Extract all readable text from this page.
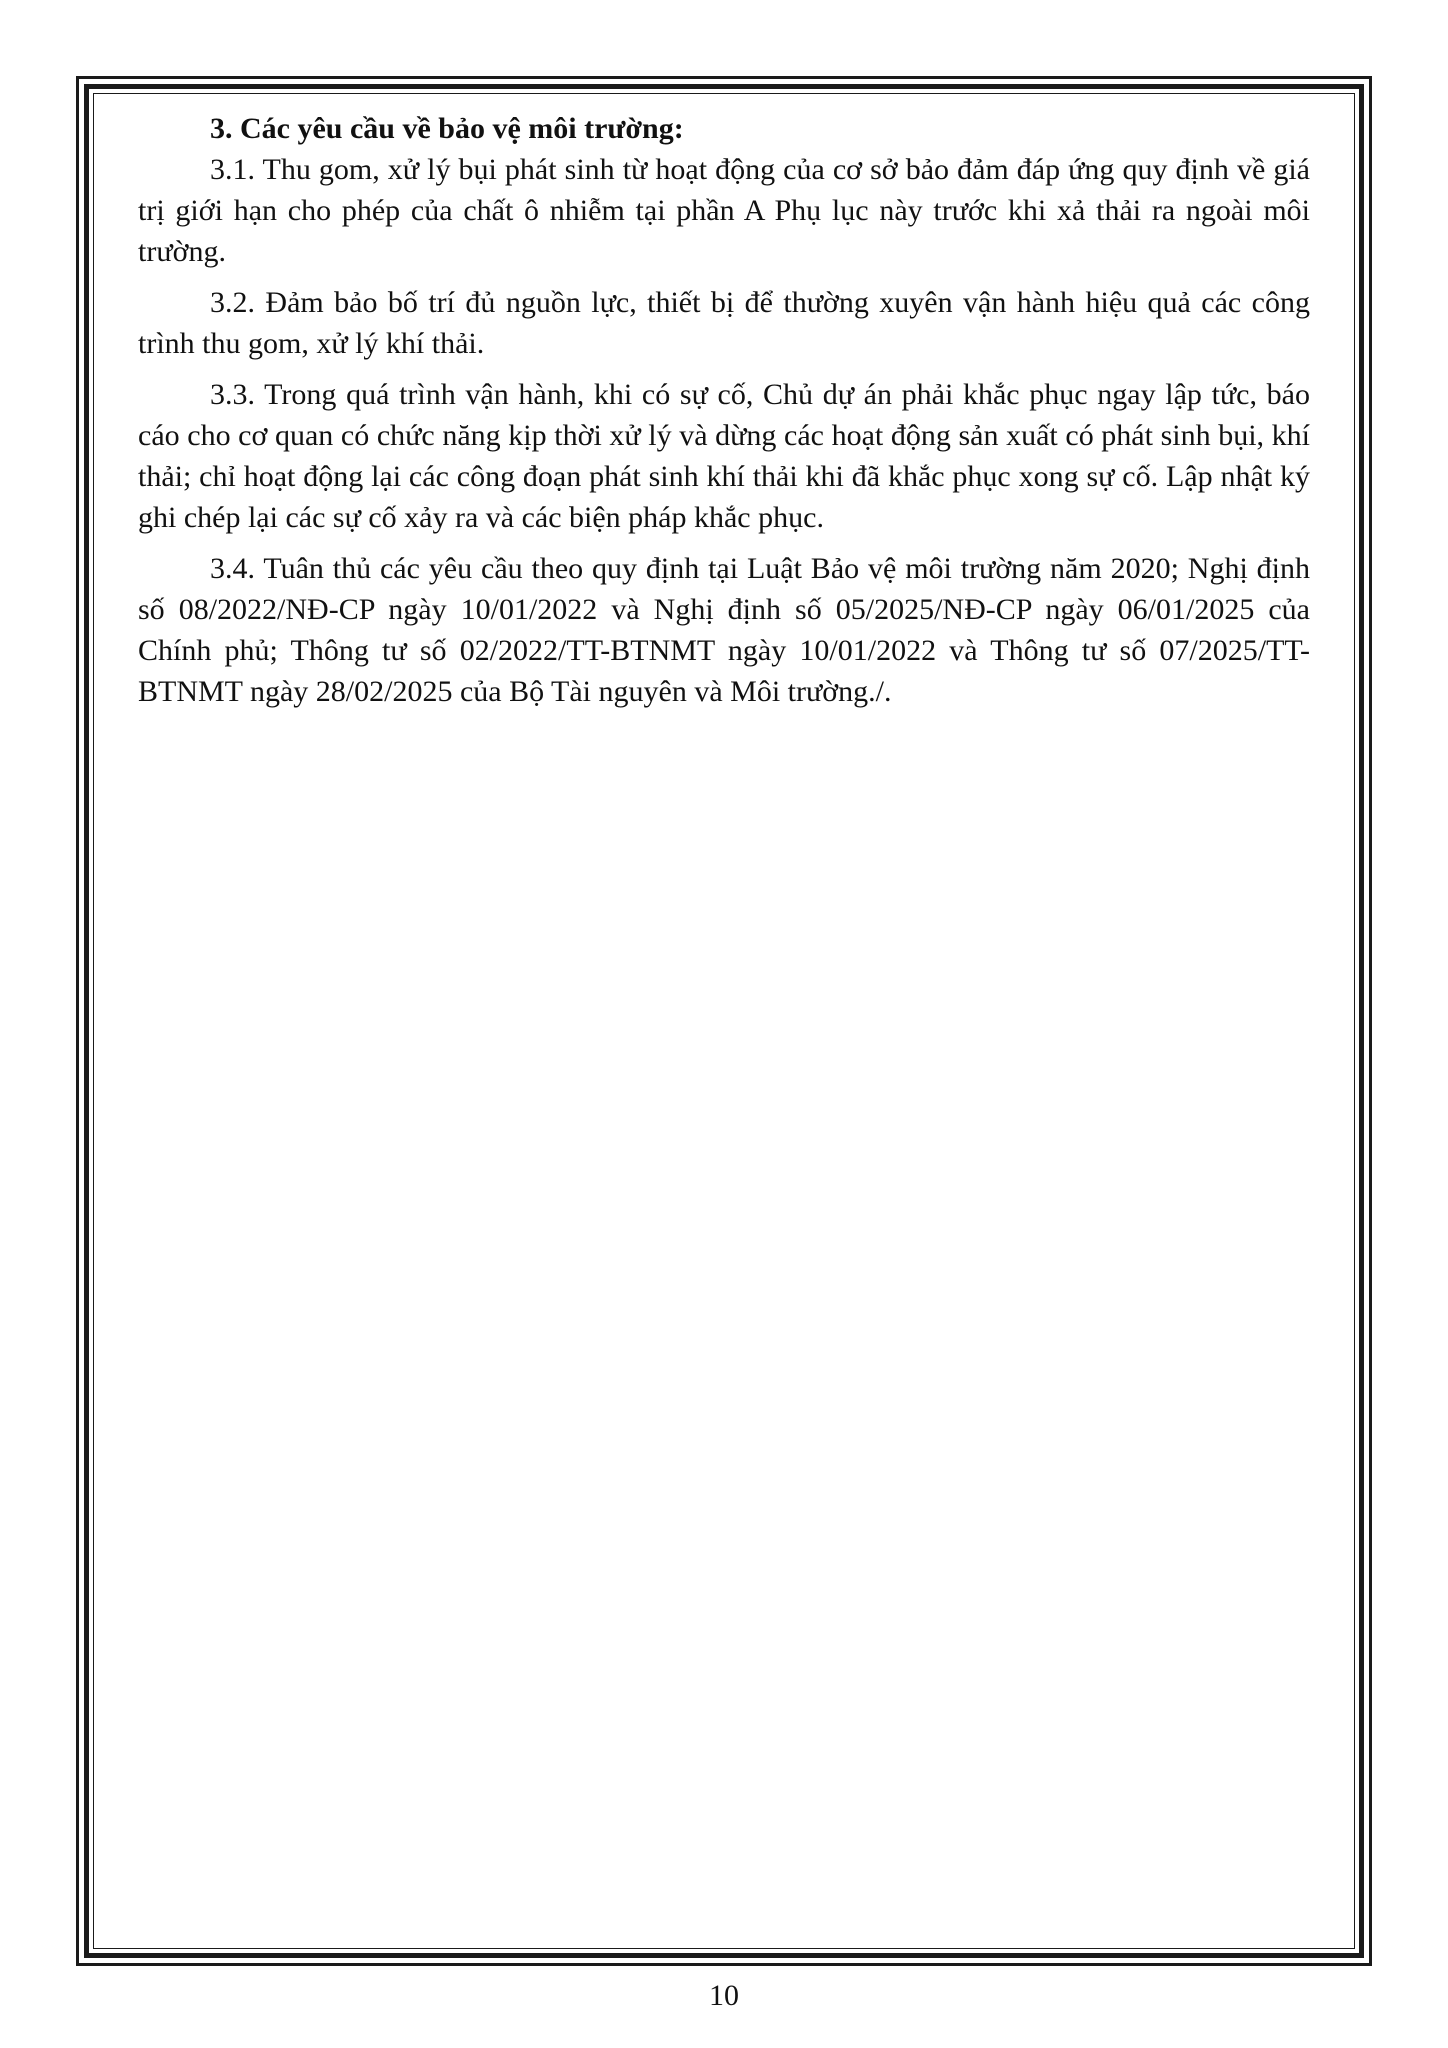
3. Các yêu cầu về bảo vệ môi trường:

3.1. Thu gom, xử lý bụi phát sinh từ hoạt động của cơ sở bảo đảm đáp ứng quy định về giá trị giới hạn cho phép của chất ô nhiễm tại phần A Phụ lục này trước khi xả thải ra ngoài môi trường.

3.2. Đảm bảo bố trí đủ nguồn lực, thiết bị để thường xuyên vận hành hiệu quả các công trình thu gom, xử lý khí thải.

3.3. Trong quá trình vận hành, khi có sự cố, Chủ dự án phải khắc phục ngay lập tức, báo cáo cho cơ quan có chức năng kịp thời xử lý và dừng các hoạt động sản xuất có phát sinh bụi, khí thải; chỉ hoạt động lại các công đoạn phát sinh khí thải khi đã khắc phục xong sự cố. Lập nhật ký ghi chép lại các sự cố xảy ra và các biện pháp khắc phục.

3.4. Tuân thủ các yêu cầu theo quy định tại Luật Bảo vệ môi trường năm 2020; Nghị định số 08/2022/NĐ-CP ngày 10/01/2022 và Nghị định số 05/2025/NĐ-CP ngày 06/01/2025 của Chính phủ; Thông tư số 02/2022/TT-BTNMT ngày 10/01/2022 và Thông tư số 07/2025/TT-BTNMT ngày 28/02/2025 của Bộ Tài nguyên và Môi trường./.

10
